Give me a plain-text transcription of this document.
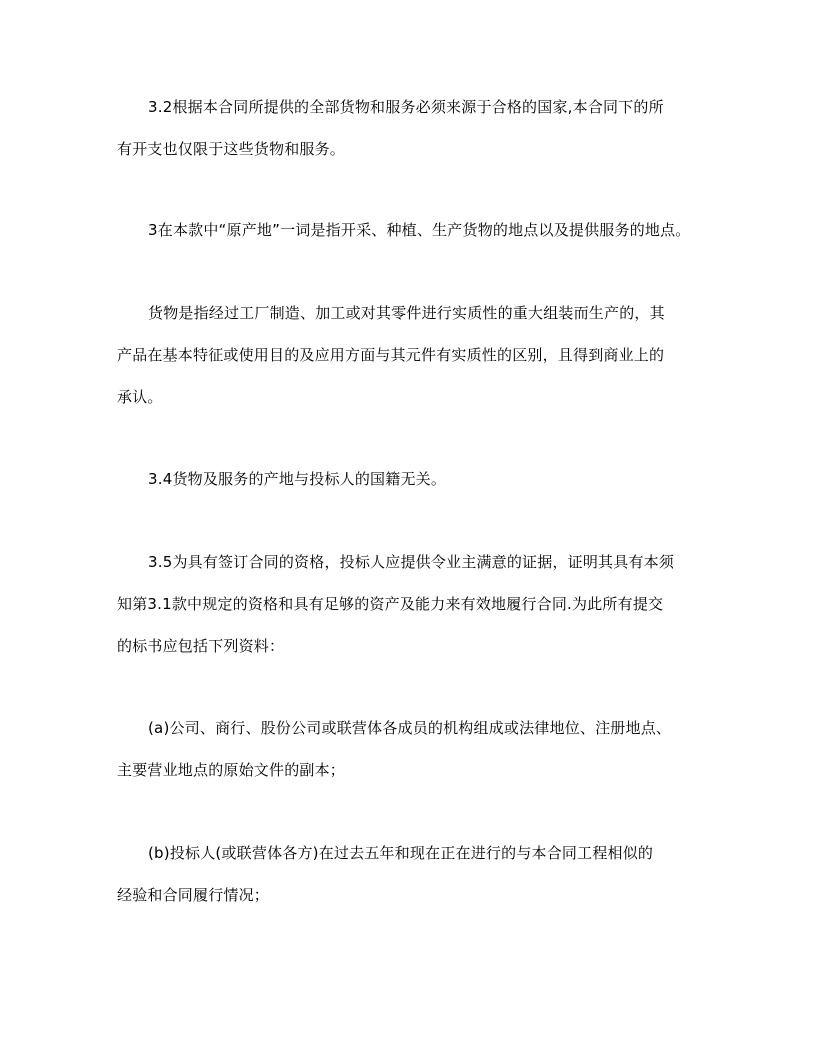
3.2根据本合同所提供的全部货物和服务必须来源于合格的国家,本合同下的所
有开支也仅限于这些货物和服务。
3在本款中“原产地”一词是指开采、种植、生产货物的地点以及提供服务的地点。
货物是指经过工厂制造、加工或对其零件进行实质性的重大组装而生产的，其
产品在基本特征或使用目的及应用方面与其元件有实质性的区别，且得到商业上的
承认。
3.4货物及服务的产地与投标人的国籍无关。
3.5为具有签订合同的资格，投标人应提供令业主满意的证据，证明其具有本须
知第3.1款中规定的资格和具有足够的资产及能力来有效地履行合同.为此所有提交
的标书应包括下列资料：
(a)公司、商行、股份公司或联营体各成员的机构组成或法律地位、注册地点、
主要营业地点的原始文件的副本；
(b)投标人(或联营体各方)在过去五年和现在正在进行的与本合同工程相似的
经验和合同履行情况；
